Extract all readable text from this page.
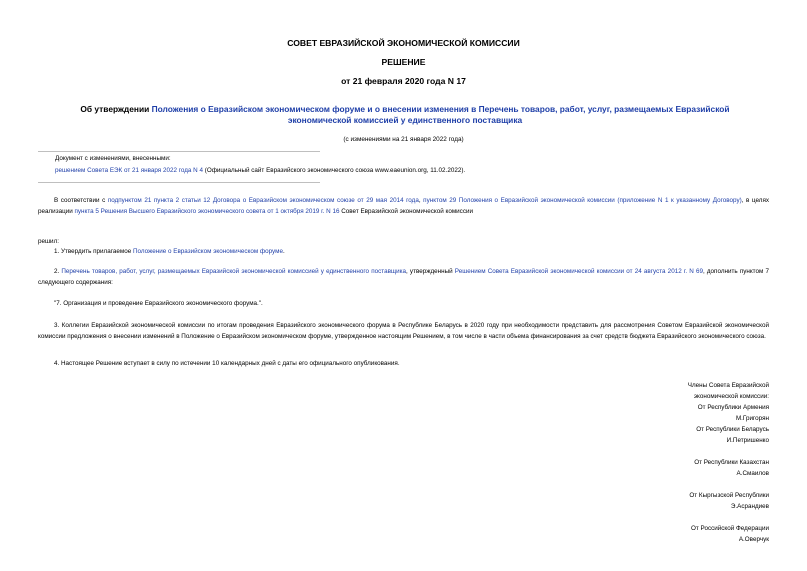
СОВЕТ ЕВРАЗИЙСКОЙ ЭКОНОМИЧЕСКОЙ КОМИССИИ
РЕШЕНИЕ
от 21 февраля 2020 года N 17
Об утверждении Положения о Евразийском экономическом форуме и о внесении изменения в Перечень товаров, работ, услуг, размещаемых Евразийской экономической комиссией у единственного поставщика
(с изменениями на 21 января 2022 года)
Документ с изменениями, внесенными:
решением Совета ЕЭК от 21 января 2022 года N 4 (Официальный сайт Евразийского экономического союза www.eaeunion.org, 11.02.2022).
В соответствии с подпунктом 21 пункта 2 статьи 12 Договора о Евразийском экономическом союзе от 29 мая 2014 года, пунктом 29 Положения о Евразийской экономической комиссии (приложение N 1 к указанному Договору), в целях реализации пункта 5 Решения Высшего Евразийского экономического совета от 1 октября 2019 г. N 16 Совет Евразийской экономической комиссии
решил:
1. Утвердить прилагаемое Положение о Евразийском экономическом форуме.
2. Перечень товаров, работ, услуг, размещаемых Евразийской экономической комиссией у единственного поставщика, утвержденный Решением Совета Евразийской экономической комиссии от 24 августа 2012 г. N 69, дополнить пунктом 7 следующего содержания:
"7. Организация и проведение Евразийского экономического форума.".
3. Коллегии Евразийской экономической комиссии по итогам проведения Евразийского экономического форума в Республике Беларусь в 2020 году при необходимости представить для рассмотрения Советом Евразийской экономической комиссии предложения о внесении изменений в Положение о Евразийском экономическом форуме, утвержденное настоящим Решением, в том числе в части объема финансирования за счет средств бюджета Евразийского экономического союза.
4. Настоящее Решение вступает в силу по истечении 10 календарных дней с даты его официального опубликования.
Члены Совета Евразийской
экономической комиссии:
От Республики Армения
М.Григорян
От Республики Беларусь
И.Петришенко
От Республики Казахстан
А.Смаилов
От Кыргызской Республики
Э.Асрандиев
От Российской Федерации
А.Оверчук
